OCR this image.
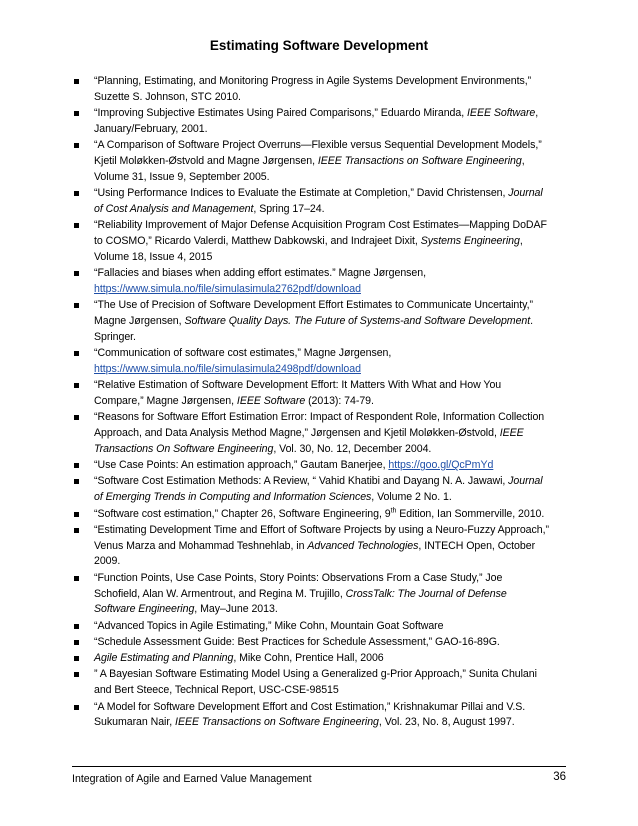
Estimating Software Development
“Planning, Estimating, and Monitoring Progress in Agile Systems Development Environments,” Suzette S. Johnson, STC 2010.
“Improving Subjective Estimates Using Paired Comparisons,” Eduardo Miranda, IEEE Software, January/February, 2001.
“A Comparison of Software Project Overruns—Flexible versus Sequential Development Models,” Kjetil Moløkken-Østvold and Magne Jørgensen, IEEE Transactions on Software Engineering, Volume 31, Issue 9, September 2005.
“Using Performance Indices to Evaluate the Estimate at Completion,” David Christensen, Journal of Cost Analysis and Management, Spring 17–24.
“Reliability Improvement of Major Defense Acquisition Program Cost Estimates—Mapping DoDAF to COSMO,” Ricardo Valerdi, Matthew Dabkowski, and Indrajeet Dixit, Systems Engineering, Volume 18, Issue 4, 2015
“Fallacies and biases when adding effort estimates.” Magne Jørgensen, https://www.simula.no/file/simulasimula2762pdf/download
“The Use of Precision of Software Development Effort Estimates to Communicate Uncertainty,” Magne Jørgensen, Software Quality Days. The Future of Systems-and Software Development. Springer.
“Communication of software cost estimates,” Magne Jørgensen, https://www.simula.no/file/simulasimula2498pdf/download
“Relative Estimation of Software Development Effort: It Matters With What and How You Compare,” Magne Jørgensen, IEEE Software (2013): 74-79.
“Reasons for Software Effort Estimation Error: Impact of Respondent Role, Information Collection Approach, and Data Analysis Method Magne,” Jørgensen and Kjetil Moløkken-Østvold, IEEE Transactions On Software Engineering, Vol. 30, No. 12, December 2004.
“Use Case Points: An estimation approach,” Gautam Banerjee, https://goo.gl/QcPmYd
“Software Cost Estimation Methods: A Review, “ Vahid Khatibi and Dayang N. A. Jawawi, Journal of Emerging Trends in Computing and Information Sciences, Volume 2 No. 1.
“Software cost estimation,” Chapter 26, Software Engineering, 9th Edition, Ian Sommerville, 2010.
“Estimating Development Time and Effort of Software Projects by using a Neuro-Fuzzy Approach,” Venus Marza and Mohammad Teshnehlab, in Advanced Technologies, INTECH Open, October 2009.
“Function Points, Use Case Points, Story Points: Observations From a Case Study,” Joe Schofield, Alan W. Armentrout, and Regina M. Trujillo, CrossTalk: The Journal of Defense Software Engineering, May–June 2013.
“Advanced Topics in Agile Estimating,” Mike Cohn, Mountain Goat Software
“Schedule Assessment Guide: Best Practices for Schedule Assessment,” GAO-16-89G.
Agile Estimating and Planning, Mike Cohn, Prentice Hall, 2006
” A Bayesian Software Estimating Model Using a Generalized g-Prior Approach,” Sunita Chulani and Bert Steece, Technical Report, USC-CSE-98515
“A Model for Software Development Effort and Cost Estimation,” Krishnakumar Pillai and V.S. Sukumaran Nair, IEEE Transactions on Software Engineering, Vol. 23, No. 8, August 1997.
Integration of Agile and Earned Value Management	36
